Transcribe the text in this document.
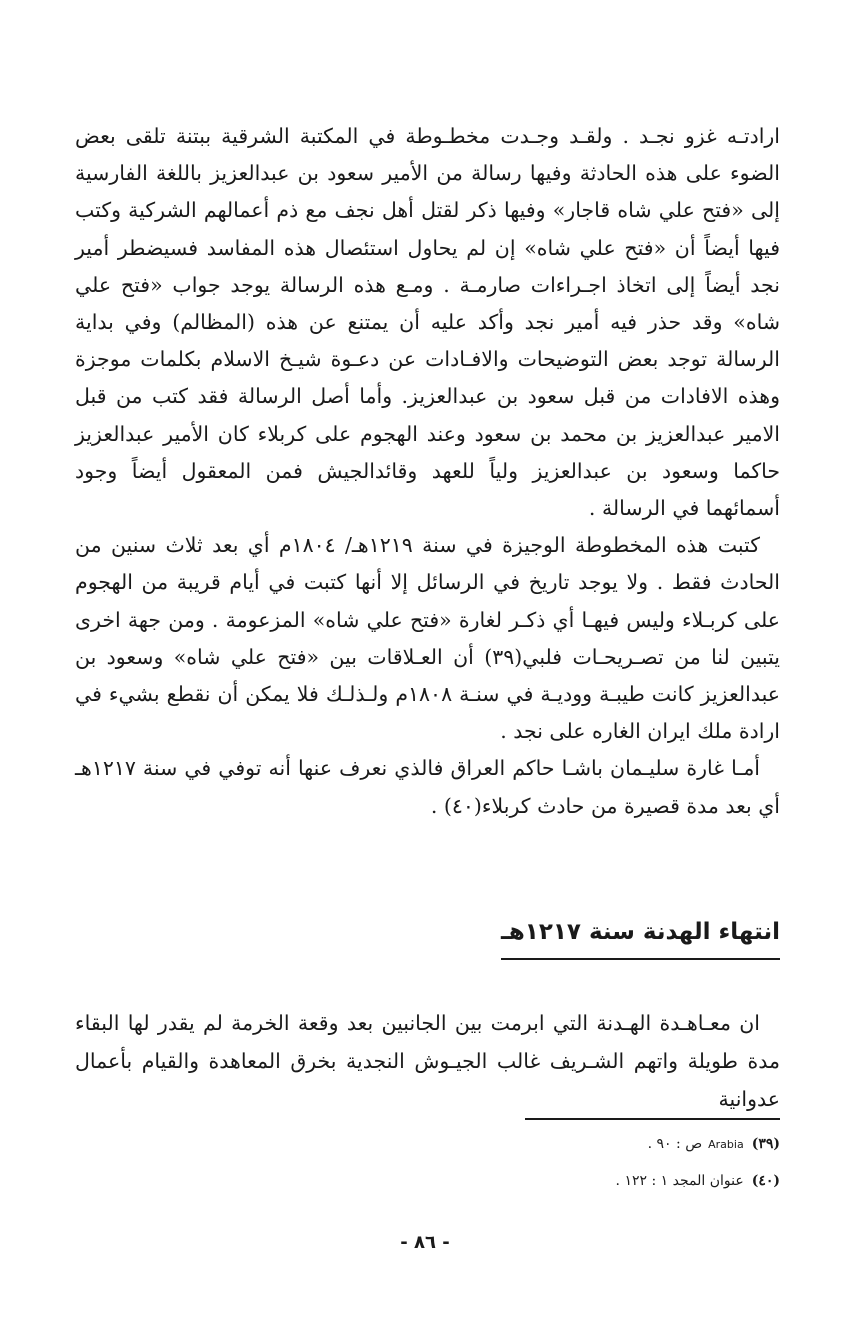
ارادتـه غزو نجـد . ولقـد وجـدت مخطـوطة في المكتبة الشرقية ببتنة تلقى بعض الضوء على هذه الحادثة وفيها رسالة من الأمير سعود بن عبدالعزيز باللغة الفارسية إلى «فتح علي شاه قاجار» وفيها ذكر لقتل أهل نجف مع ذم أعمالهم الشركية وكتب فيها أيضاً أن «فتح علي شاه» إن لم يحاول استئصال هذه المفاسد فسيضطر أمير نجد أيضاً إلى اتخاذ اجـراءات صارمـة . ومـع هذه الرسالة يوجد جواب «فتح علي شاه» وقد حذر فيه أمير نجد وأكد عليه أن يمتنع عن هذه (المظالم) وفي بداية الرسالة توجد بعض التوضيحات والافـادات عن دعـوة شيـخ الاسلام بكلمات موجزة وهذه الافادات من قبل سعود بن عبدالعزيز. وأما أصل الرسالة فقد كتب من قبل الامير عبدالعزيز بن محمد بن سعود وعند الهجوم على كربلاء كان الأمير عبدالعزيز حاكما وسعود بن عبدالعزيز ولياً للعهد وقائدالجيش فمن المعقول أيضاً وجود أسمائهما في الرسالة .

كتبت هذه المخطوطة الوجيزة في سنة ١٢١٩هـ/ ١٨٠٤م أي بعد ثلاث سنين من الحادث فقط . ولا يوجد تاريخ في الرسائل إلا أنها كتبت في أيام قريبة من الهجوم على كربـلاء وليس فيهـا أي ذكـر لغارة «فتح علي شاه» المزعومة . ومن جهة اخرى يتبين لنا من تصـريحـات فلبي(٣٩) أن العـلاقات بين «فتح علي شاه» وسعود بن عبدالعزيز كانت طيبـة ووديـة في سنـة ١٨٠٨م ولـذلـك فلا يمكن أن نقطع بشيء في ارادة ملك ايران الغاره على نجد .

أمـا غارة سليـمان باشـا حاكم العراق فالذي نعرف عنها أنه توفي في سنة ١٢١٧هـ أي بعد مدة قصيرة من حادث كربلاء(٤٠) .

انتهاء الهدنة سنة ١٢١٧هـ

ان معـاهـدة الهـدنة التي ابرمت بين الجانبين بعد وقعة الخرمة لم يقدر لها البقاء مدة طويلة واتهم الشـريف غالب الجيـوش النجدية بخرق المعاهدة والقيام بأعمال عدوانية

(٣٩)Arabiaص : ٩٠ .

(٤٠)عنوان المجد ١ : ١٢٢ .

- ٨٦ -
